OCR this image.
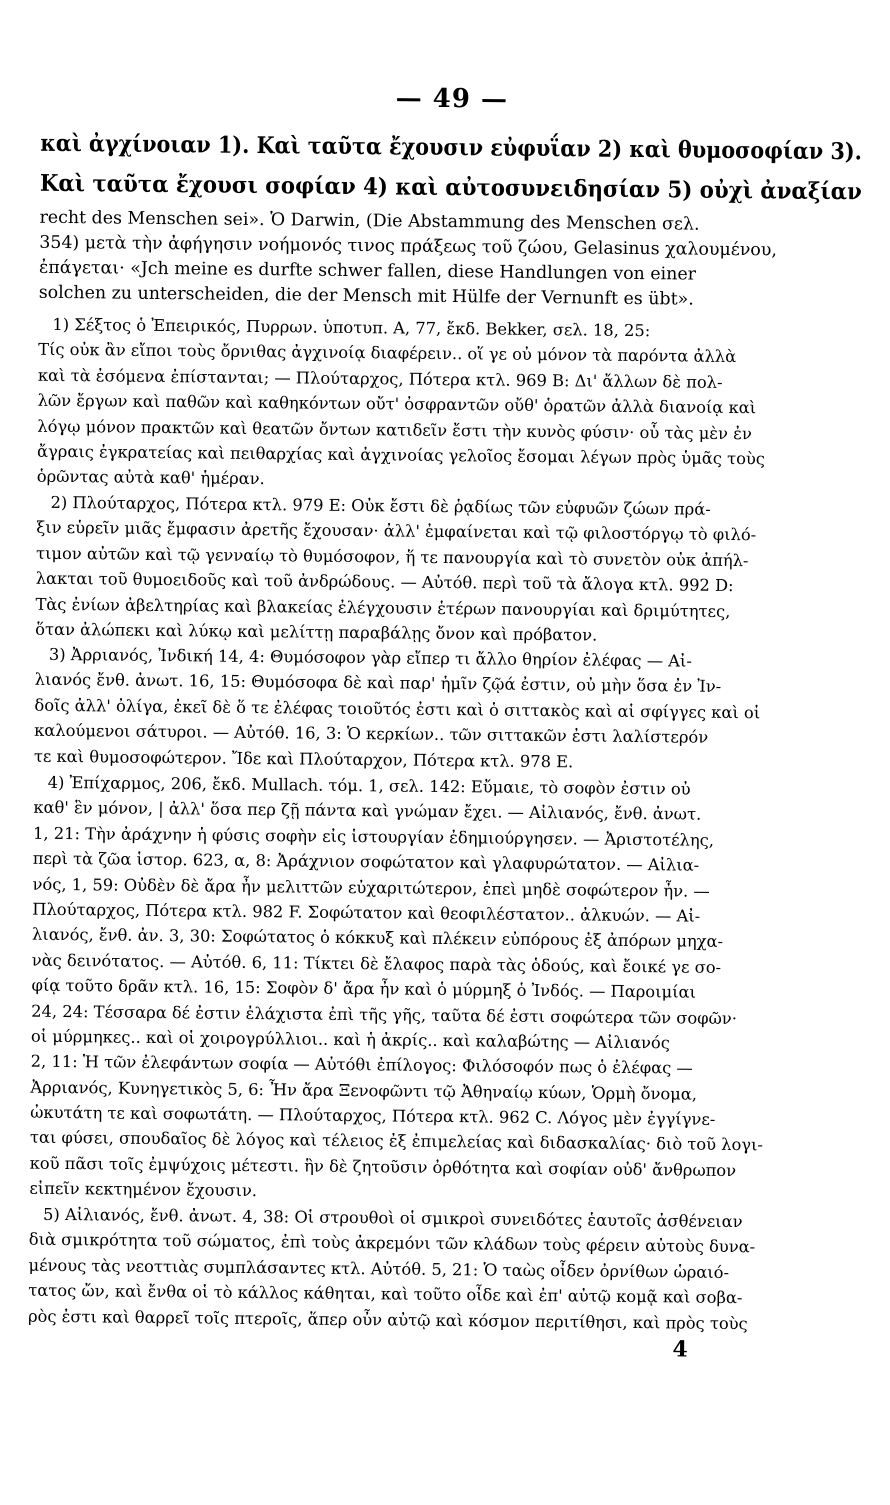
— 49 —
καὶ ἀγχίνοιαν 1). Καὶ ταῦτα ἔχουσιν εὐφυΐαν 2) καὶ θυμοσοφίαν 3).
Καὶ ταῦτα ἔχουσι σοφίαν 4) καὶ αὐτοσυνειδησίαν 5) οὐχὶ ἀναξίαν
recht des Menschen sei». Ὁ Darwin, (Die Abstammung des Menschen σελ.
354) μετὰ τὴν ἀφήγησιν νοήμονός τινος πράξεως τοῦ ζώου, Gelasinus χαλουμένου,
ἐπάγεται· «Jch meine es durfte schwer fallen, diese Handlungen von einer
solchen zu unterscheiden, die der Mensch mit Hülfe der Vernunft es übt».
1) Σέξτος ὁ Ἐπειρικός, Πυρρων. ὑποτυπ. Α, 77, ἔκδ. Bekker, σελ. 18, 25:
Τίς οὐκ ἂν εἴποι τοὺς ὄρνιθας ἀγχινοίᾳ διαφέρειν.. οἵ γε οὐ μόνον τὰ παρόντα ἀλλὰ
καὶ τὰ ἐσόμενα ἐπίστανται; — Πλούταρχος, Πότερα κτλ. 969 B: Δι' ἄλλων δὲ πολ-
λῶν ἔργων καὶ παθῶν καὶ καθηκόντων οὔτ' ὀσφραντῶν οὔθ' ὁρατῶν ἀλλὰ διανοίᾳ καὶ
λόγῳ μόνον πρακτῶν καὶ θεατῶν ὄντων κατιδεῖν ἔστι τὴν κυνὸς φύσιν· οὗ τὰς μὲν ἐν
ἄγραις ἐγκρατείας καὶ πειθαρχίας καὶ ἀγχινοίας γελοῖος ἔσομαι λέγων πρὸς ὑμᾶς τοὺς
ὁρῶντας αὐτὰ καθ' ἡμέραν.
2) Πλούταρχος, Πότερα κτλ. 979 E: Οὐκ ἔστι δὲ ῥᾳδίως τῶν εὐφυῶν ζώων πρά-
ξιν εὑρεῖν μιᾶς ἔμφασιν ἀρετῆς ἔχουσαν· ἀλλ' ἐμφαίνεται καὶ τῷ φιλοστόργῳ τὸ φιλό-
τιμον αὐτῶν καὶ τῷ γενναίῳ τὸ θυμόσοφον, ἥ τε πανουργία καὶ τὸ συνετὸν οὐκ ἀπήλ-
λακται τοῦ θυμοειδοῦς καὶ τοῦ ἀνδρώδους. — Αὐτόθ. περὶ τοῦ τὰ ἄλογα κτλ. 992 D:
Τὰς ἐνίων ἀβελτηρίας καὶ βλακείας ἐλέγχουσιν ἑτέρων πανουργίαι καὶ δριμύτητες,
ὅταν ἀλώπεκι καὶ λύκῳ καὶ μελίττῃ παραβάλῃς ὄνον καὶ πρόβατον.
3) Ἀρριανός, Ἰνδική 14, 4: Θυμόσοφον γὰρ εἴπερ τι ἄλλο θηρίον ἐλέφας — Αἰ-
λιανός ἔνθ. ἀνωτ. 16, 15: Θυμόσοφα δὲ καὶ παρ' ἡμῖν ζῷά ἐστιν, οὐ μὴν ὅσα ἐν Ἰν-
δοῖς ἀλλ' ὀλίγα, ἐκεῖ δὲ ὅ τε ἐλέφας τοιοῦτός ἐστι καὶ ὁ σιττακὸς καὶ αἱ σφίγγες καὶ οἱ
καλούμενοι σάτυροι. — Αὐτόθ. 16, 3: Ὁ κερκίων.. τῶν σιττακῶν ἐστι λαλίστερόν
τε καὶ θυμοσοφώτερον. Ἴδε καὶ Πλούταρχον, Πότερα κτλ. 978 E.
4) Ἐπίχαρμος, 206, ἔκδ. Mullach. τόμ. 1, σελ. 142: Εὔμαιε, τὸ σοφὸν ἐστιν οὐ
καθ' ἓν μόνον, | ἀλλ' ὅσα περ ζῇ πάντα καὶ γνώμαν ἔχει. — Αἰλιανός, ἔνθ. ἀνωτ.
1, 21: Τὴν ἀράχνην ἡ φύσις σοφὴν εἰς ἱστουργίαν ἐδημιούργησεν. — Ἀριστοτέλης,
περὶ τὰ ζῶα ἱστορ. 623, α, 8: Ἀράχνιον σοφώτατον καὶ γλαφυρώτατον. — Αἰλια-
νός, 1, 59: Οὐδὲν δὲ ἄρα ἦν μελιττῶν εὐχαριτώτερον, ἐπεὶ μηδὲ σοφώτερον ἦν. —
Πλούταρχος, Πότερα κτλ. 982 F. Σοφώτατον καὶ θεοφιλέστατον.. ἀλκυών. — Αἰ-
λιανός, ἔνθ. ἀν. 3, 30: Σοφώτατος ὁ κόκκυξ καὶ πλέκειν εὐπόρους ἐξ ἀπόρων μηχα-
νὰς δεινότατος. — Αὐτόθ. 6, 11: Τίκτει δὲ ἔλαφος παρὰ τὰς ὁδούς, καὶ ἔοικέ γε σο-
φίᾳ τοῦτο δρᾶν κτλ. 16, 15: Σοφὸν δ' ἄρα ἦν καὶ ὁ μύρμηξ ὁ Ἰνδός. — Παροιμίαι
24, 24: Τέσσαρα δέ ἐστιν ἐλάχιστα ἐπὶ τῆς γῆς, ταῦτα δέ ἐστι σοφώτερα τῶν σοφῶν·
οἱ μύρμηκες.. καὶ οἱ χοιρογρύλλιοι.. καὶ ἡ ἀκρίς.. καὶ καλαβώτης — Αἰλιανός
2, 11: Ἡ τῶν ἐλεφάντων σοφία — Αὐτόθι ἐπίλογος: Φιλόσοφόν πως ὁ ἐλέφας —
Ἀρριανός, Κυνηγετικὸς 5, 6: Ἦν ἄρα Ξενοφῶντι τῷ Ἀθηναίῳ κύων, Ὁρμὴ ὄνομα,
ὠκυτάτη τε καὶ σοφωτάτη. — Πλούταρχος, Πότερα κτλ. 962 C. Λόγος μὲν ἐγγίγνε-
ται φύσει, σπουδαῖος δὲ λόγος καὶ τέλειος ἐξ ἐπιμελείας καὶ διδασκαλίας· διὸ τοῦ λογι-
κοῦ πᾶσι τοῖς ἐμψύχοις μέτεστι. ἣν δὲ ζητοῦσιν ὀρθότητα καὶ σοφίαν οὐδ' ἄνθρωπον
εἰπεῖν κεκτημένον ἔχουσιν.
5) Αἰλιανός, ἔνθ. ἀνωτ. 4, 38: Οἱ στρουθοὶ οἱ σμικροὶ συνειδότες ἑαυτοῖς ἀσθένειαν
διὰ σμικρότητα τοῦ σώματος, ἐπὶ τοὺς ἀκρεμόνι τῶν κλάδων τοὺς φέρειν αὐτοὺς δυνα-
μένους τὰς νεοττιὰς συμπλάσαντες κτλ. Αὐτόθ. 5, 21: Ὁ ταὼς οἶδεν ὀρνίθων ὡραιό-
τατος ὤν, καὶ ἔνθα οἱ τὸ κάλλος κάθηται, καὶ τοῦτο οἶδε καὶ ἐπ' αὐτῷ κομᾷ καὶ σοβα-
ρὸς ἐστι καὶ θαρρεῖ τοῖς πτεροῖς, ἅπερ οὖν αὐτῷ καὶ κόσμον περιτίθησι, καὶ πρὸς τοὺς
4
